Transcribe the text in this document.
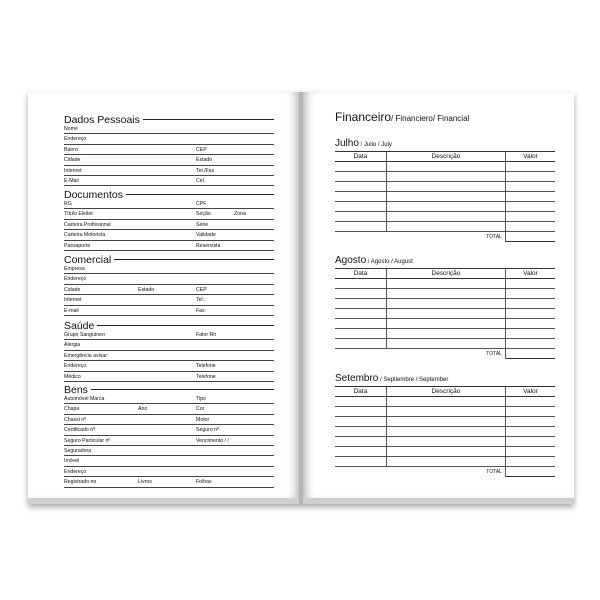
Dados Pessoais
Nome
Endereço
Bairro	CEP
Cidade	Estado
Internet	Tel./Fax
E-Mail	Cel.
Documentos
RG	CPF
Título Eleitor	Seção	Zona
Carteira Profissional	Série
Carteira Motorista	Validade
Passaporte	Reservista
Comercial
Empresa
Endereço
Cidade	Estado	CEP
Internet	Tel.:
E-mail	Fax:
Saúde
Grupo Sanguíneo	Fator Rh
Alergia
Emergência avisar:
Endereço	Telefone
Médico	Telefone
Bens
Automóvel Marca	Tipo
Chapa	Ano	Cor
Chassi nº	Motor
Certificado nº	Seguro nº
Seguro Particular nº	Vencimento / /
Seguradora
Imóvel
Endereço
Registrado no	Livros	Folhas
Financeiro/ Financiero/ Financial
Julho / Julio / July
Data	Descrição	Valor

	TOTAL	
Agosto / Agosto / August
Data	Descrição	Valor

	TOTAL	
Setembro / Septiembre / September
Data	Descrição	Valor

	TOTAL	
